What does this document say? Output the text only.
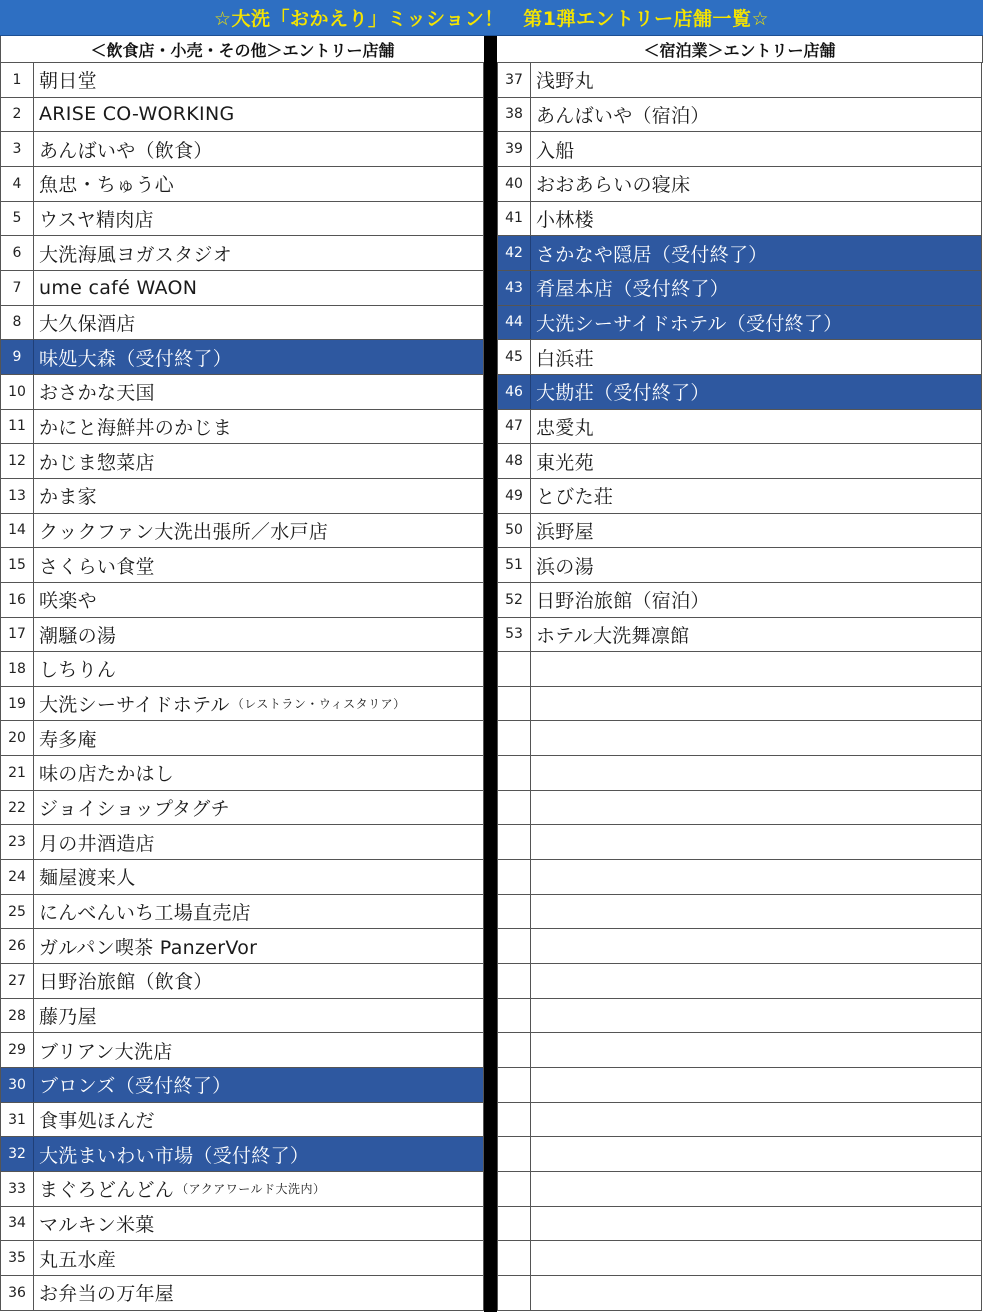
☆大洗「おかえり」ミッション！　第1弾エントリー店舗一覧☆
＜飲食店・小売・その他＞エントリー店舗	＜宿泊業＞エントリー店舗
1 朝日堂
2 ARISE CO-WORKING
3 あんばいや（飲食）
4 魚忠・ちゅう心
5 ウスヤ精肉店
6 大洗海風ヨガスタジオ
7 ume café WAON
8 大久保酒店
9 味処大森（受付終了）
10 おさかな天国
11 かにと海鮮丼のかじま
12 かじま惣菜店
13 かま家
14 クックファン大洗出張所／水戸店
15 さくらい食堂
16 咲楽や
17 潮騒の湯
18 しちりん
19 大洗シーサイドホテル （レストラン・ウィスタリア）
20 寿多庵
21 味の店たかはし
22 ジョイショップタグチ
23 月の井酒造店
24 麺屋渡来人
25 にんべんいち工場直売店
26 ガルパン喫茶 PanzerVor
27 日野治旅館（飲食）
28 藤乃屋
29 ブリアン大洗店
30 ブロンズ（受付終了）
31 食事処ほんだ
32 大洗まいわい市場（受付終了）
33 まぐろどんどん （アクアワールド大洗内）
34 マルキン米菓
35 丸五水産
36 お弁当の万年屋
37 浅野丸
38 あんばいや（宿泊）
39 入船
40 おおあらいの寝床
41 小林楼
42 さかなや隠居（受付終了）
43 肴屋本店（受付終了）
44 大洗シーサイドホテル（受付終了）
45 白浜荘
46 大勘荘（受付終了）
47 忠愛丸
48 東光苑
49 とびた荘
50 浜野屋
51 浜の湯
52 日野治旅館（宿泊）
53 ホテル大洗舞凛館
